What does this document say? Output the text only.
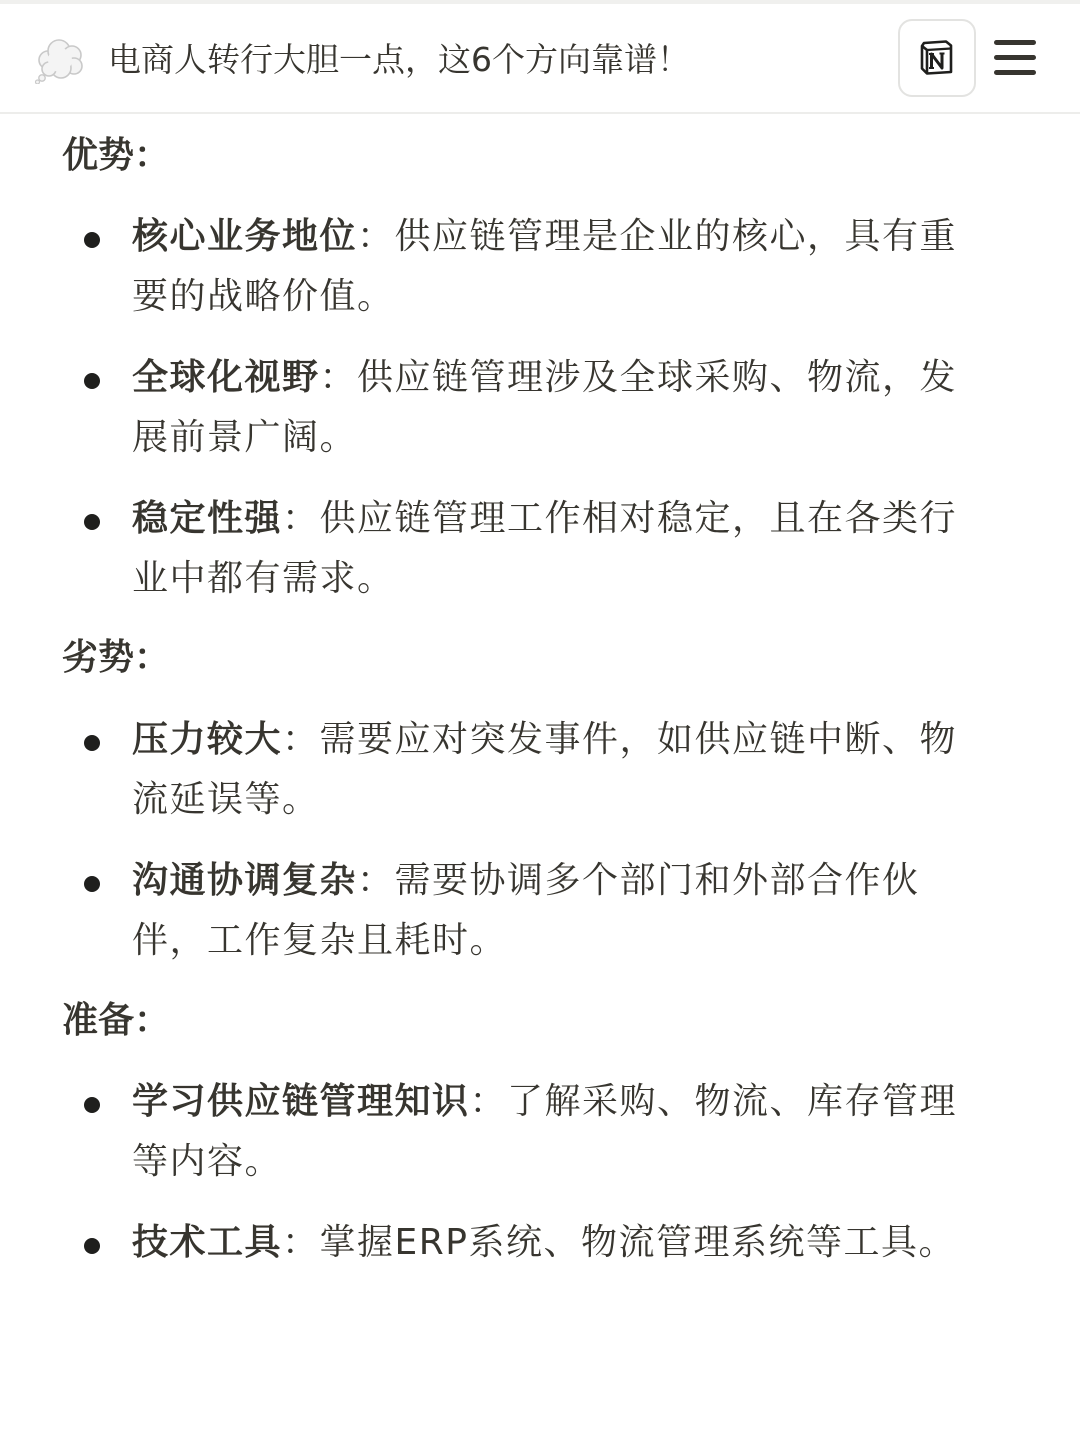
电商人转行大胆一点，这6个方向靠谱！
优势：
核心业务地位：供应链管理是企业的核心，具有重要的战略价值。
全球化视野：供应链管理涉及全球采购、物流，发展前景广阔。
稳定性强：供应链管理工作相对稳定，且在各类行业中都有需求。
劣势：
压力较大：需要应对突发事件，如供应链中断、物流延误等。
沟通协调复杂：需要协调多个部门和外部合作伙伴，工作复杂且耗时。
准备：
学习供应链管理知识：了解采购、物流、库存管理等内容。
技术工具：掌握ERP系统、物流管理系统等工具。
